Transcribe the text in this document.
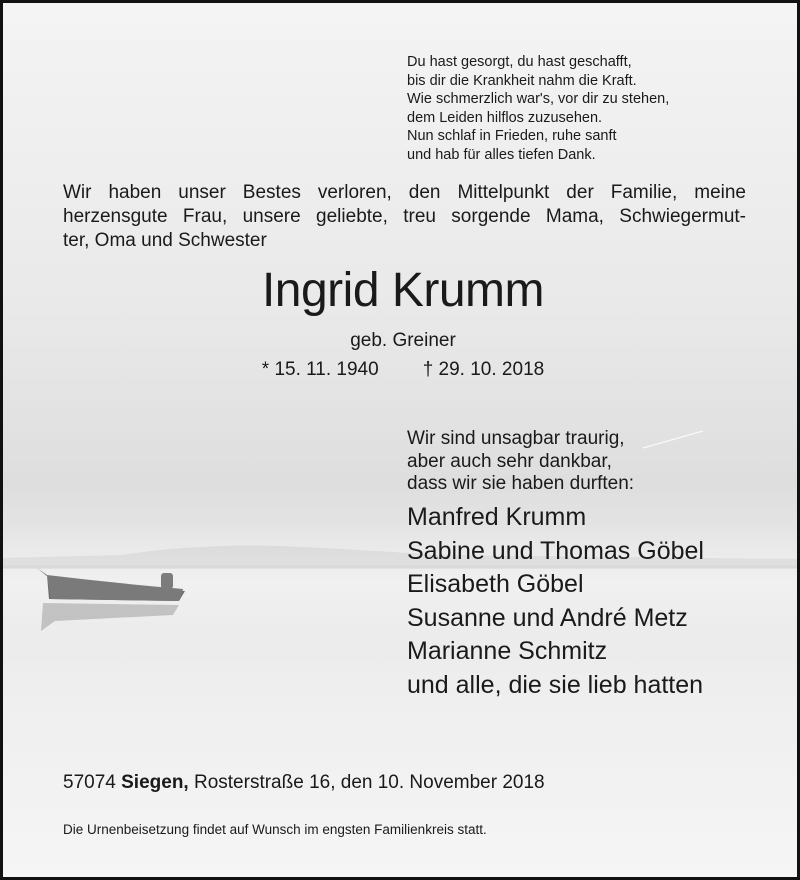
Du hast gesorgt, du hast geschafft,
bis dir die Krankheit nahm die Kraft.
Wie schmerzlich war's, vor dir zu stehen,
dem Leiden hilflos zuzusehen.
Nun schlaf in Frieden, ruhe sanft
und hab für alles tiefen Dank.
Wir haben unser Bestes verloren, den Mittelpunkt der Familie, meine
herzensgute Frau, unsere geliebte, treu sorgende Mama, Schwiegermut-
ter, Oma und Schwester
Ingrid Krumm
geb. Greiner
* 15. 11. 1940 † 29. 10. 2018
Wir sind unsagbar traurig,
aber auch sehr dankbar,
dass wir sie haben durften:
Manfred Krumm
Sabine und Thomas Göbel
Elisabeth Göbel
Susanne und André Metz
Marianne Schmitz
und alle, die sie lieb hatten
57074 Siegen, Rosterstraße 16, den 10. November 2018
Die Urnenbeisetzung findet auf Wunsch im engsten Familienkreis statt.
